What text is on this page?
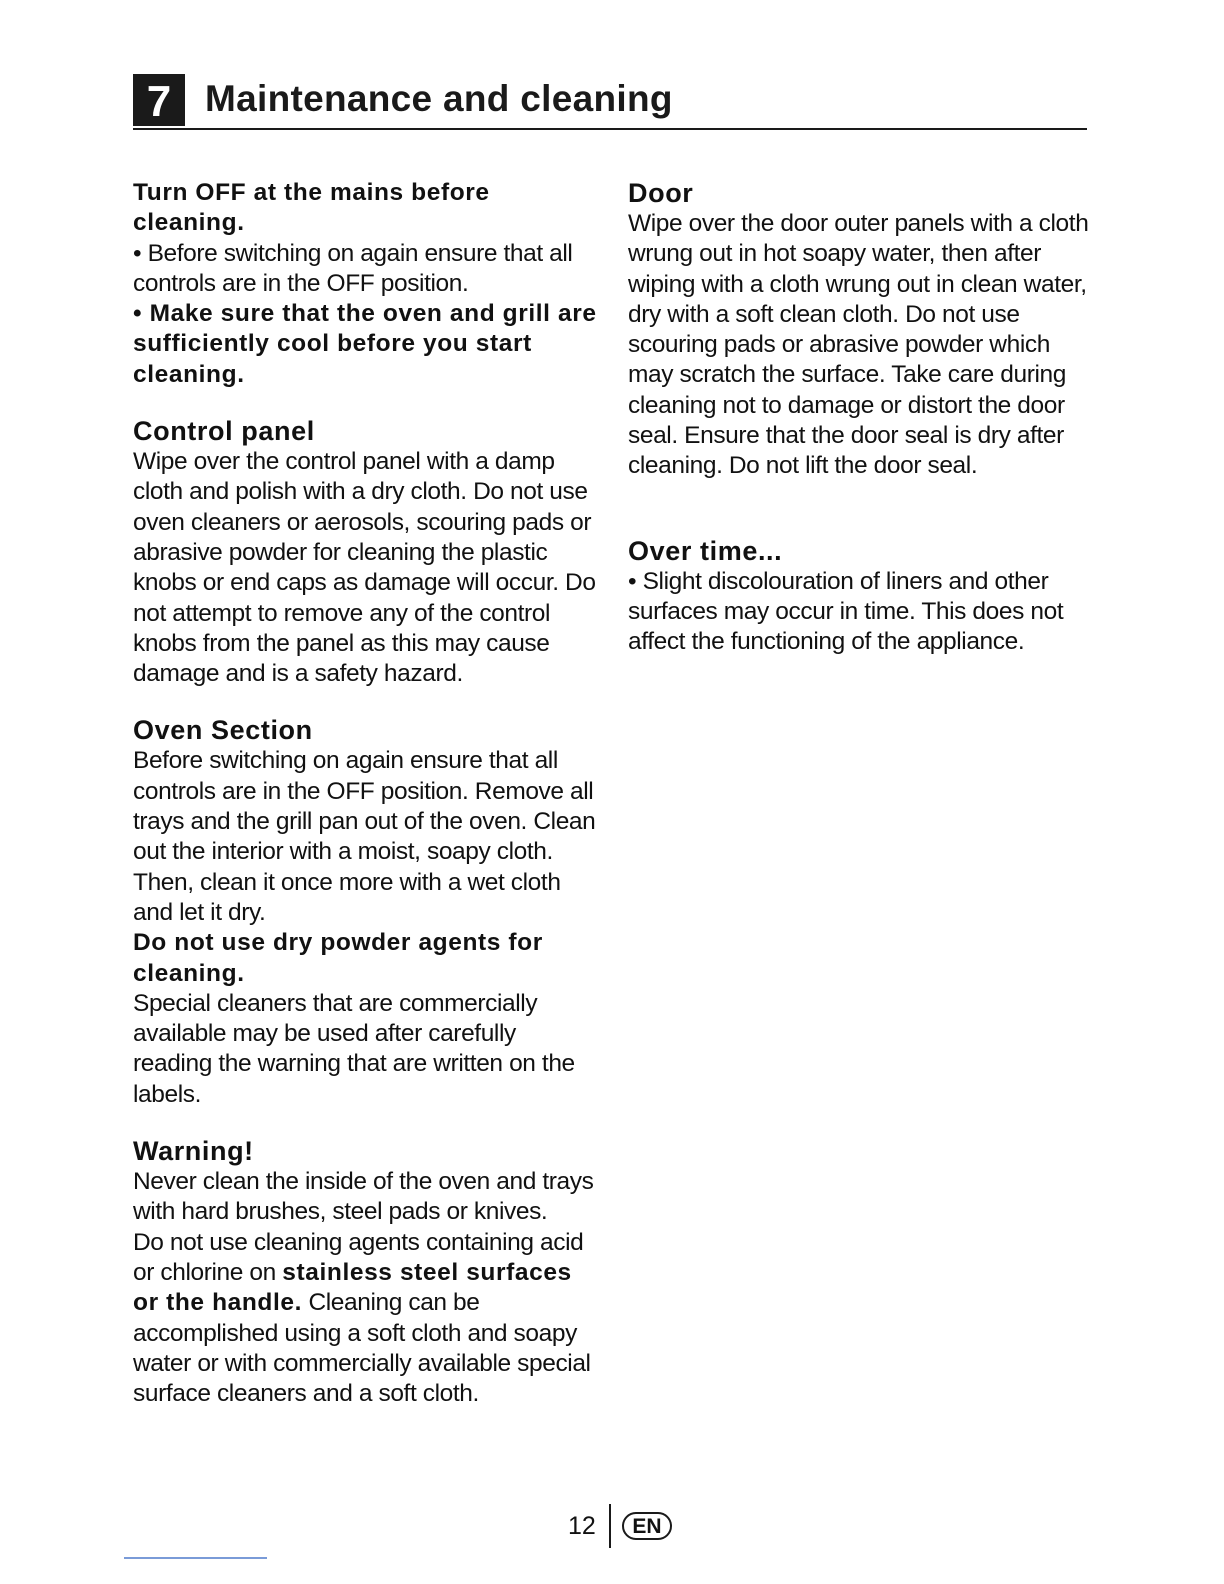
7 Maintenance and cleaning

Turn OFF at the mains before cleaning.

• Before switching on again ensure that all controls are in the OFF position.

• Make sure that the oven and grill are sufficiently cool before you start cleaning.

Control panel

Wipe over the control panel with a damp cloth and polish with a dry cloth. Do not use oven cleaners or aerosols, scouring pads or abrasive powder for cleaning the plastic knobs or end caps as damage will occur. Do not attempt to remove any of the control knobs from the panel as this may cause damage and is a safety hazard.

Oven Section

Before switching on again ensure that all controls are in the OFF position. Remove all trays and the grill pan out of the oven. Clean out the interior with a moist, soapy cloth. Then, clean it once more with a wet cloth and let it dry.

Do not use dry powder agents for cleaning.

Special cleaners that are commercially available may be used after carefully reading the warning that are written on the labels.

Warning!

Never clean the inside of the oven and trays with hard brushes, steel pads or knives.

Do not use cleaning agents containing acid or chlorine on stainless steel surfaces or the handle. Cleaning can be accomplished using a soft cloth and soapy water or with commercially available special surface cleaners and a soft cloth.

Door

Wipe over the door outer panels with a cloth wrung out in hot soapy water, then after wiping with a cloth wrung out in clean water, dry with a soft clean cloth. Do not use scouring pads or abrasive powder which may scratch the surface. Take care during cleaning not to damage or distort the door seal. Ensure that the door seal is dry after cleaning. Do not lift the door seal.

Over time...

• Slight discolouration of liners and other surfaces may occur in time. This does not affect the functioning of the appliance.

12	EN
